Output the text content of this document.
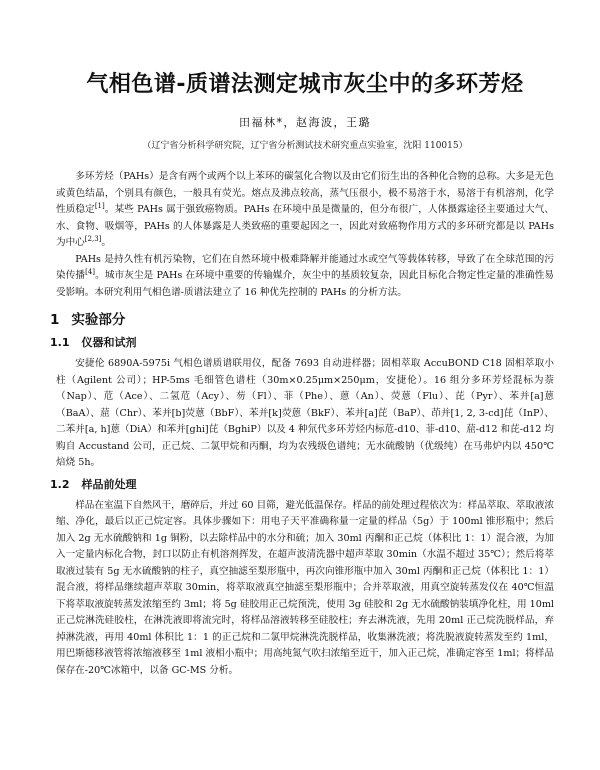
气相色谱-质谱法测定城市灰尘中的多环芳烃
田福林*，赵海波，王璐
（辽宁省分析科学研究院，辽宁省分析测试技术研究重点实验室，沈阳 110015）

多环芳烃（PAHs）是含有两个或两个以上苯环的碳氢化合物以及由它们衍生出的各种化合物的总称。大多是无色或黄色结晶，个别具有颜色，一般具有荧光。熔点及沸点较高，蒸气压很小，极不易溶于水，易溶于有机溶剂，化学性质稳定[1]。某些 PAHs 属于强致癌物质。PAHs 在环境中虽是微量的，但分布很广，人体摄露途径主要通过大气、水、食物、吸烟等，PAHs 的人体暴露是人类致癌的重要起因之一，因此对致癌物作用方式的多环研究都是以 PAHs 为中心[2,3]。

PAHs 是持久性有机污染物，它们在自然环境中极难降解并能通过水或空气等载体转移，导致了在全球范围的污染传播[4]。城市灰尘是 PAHs 在环境中重要的传输媒介，灰尘中的基质较复杂，因此目标化合物定性定量的准确性易受影响。本研究利用气相色谱-质谱法建立了 16 种优先控制的 PAHs 的分析方法。

1 实验部分
1.1 仪器和试剂

安捷伦 6890A-5975i 气相色谱质谱联用仪，配备 7693 自动进样器；固相萃取 AccuBOND C18 固相萃取小柱（Agilent 公司）；HP-5ms 毛细管色谱柱（30m×0.25μm×250μm，安捷伦）。16 组分多环芳烃混标为萘（Nap）、苊（Ace）、二氢苊（Acy）、芴（Fl）、菲（Phe）、蒽（An）、荧蒽（Flu）、芘（Pyr）、苯并[a]蒽（BaA）、䓛（Chr）、苯并[b]荧蒽（BbF）、苯并[k]荧蒽（BkF）、苯并[a]芘（BaP）、茚并[1, 2, 3-cd]芘（InP）、二苯并[a, h]蒽（DiA）和苯并[ghi]芘（BghiP）以及 4 种氘代多环芳烃内标苊-d10、菲-d10、䓛-d12 和芘-d12 均购自 Accustand 公司，正己烷、二氯甲烷和丙酮，均为农残级色谱纯；无水硫酸钠（优级纯）在马弗炉内以 450℃焙烧 5h。

1.2 样品前处理

样品在室温下自然风干，磨碎后，并过 60 目筛，避光低温保存。样品的前处理过程依次为：样品萃取、萃取液浓缩、净化，最后以正己烷定容。具体步骤如下：用电子天平准确称量一定量的样品（5g）于 100ml 锥形瓶中；然后加入 2g 无水硫酸钠和 1g 铜粉，以去除样品中的水分和硫；加入 30ml 丙酮和正己烷（体积比 1：1）混合液，为加入一定量内标化合物，封口以防止有机溶剂挥发，在超声波清洗器中超声萃取 30min（水温不超过 35℃）；然后将萃取液过装有 5g 无水硫酸钠的柱子，真空抽滤至梨形瓶中，再次向锥形瓶中加入 30ml 丙酮和正己烷（体积比 1：1）混合液，将样品继续超声萃取 30min，将萃取液真空抽滤至梨形瓶中；合并萃取液，用真空旋转蒸发仪在 40℃恒温下将萃取液旋转蒸发浓缩至约 3ml；将 5g 硅胶用正己烷预洗，使用 3g 硅胶和 2g 无水硫酸钠装填净化柱，用 10ml 正己烷淋洗硅胶柱，在淋洗液即将流完时，将样品溶液转移至硅胶柱；弃去淋洗液，先用 20ml 正己烷洗脱样品，弃掉淋洗液，再用 40ml 体积比 1：1 的正己烷和二氯甲烷淋洗洗脱样品，收集淋洗液；将洗脱液旋转蒸发至约 1ml，用巴斯德移液管将浓缩液移至 1ml 液相小瓶中；用高纯氮气吹扫浓缩至近干，加入正己烷，准确定容至 1ml；将样品保存在-20℃冰箱中，以备 GC-MS 分析。
